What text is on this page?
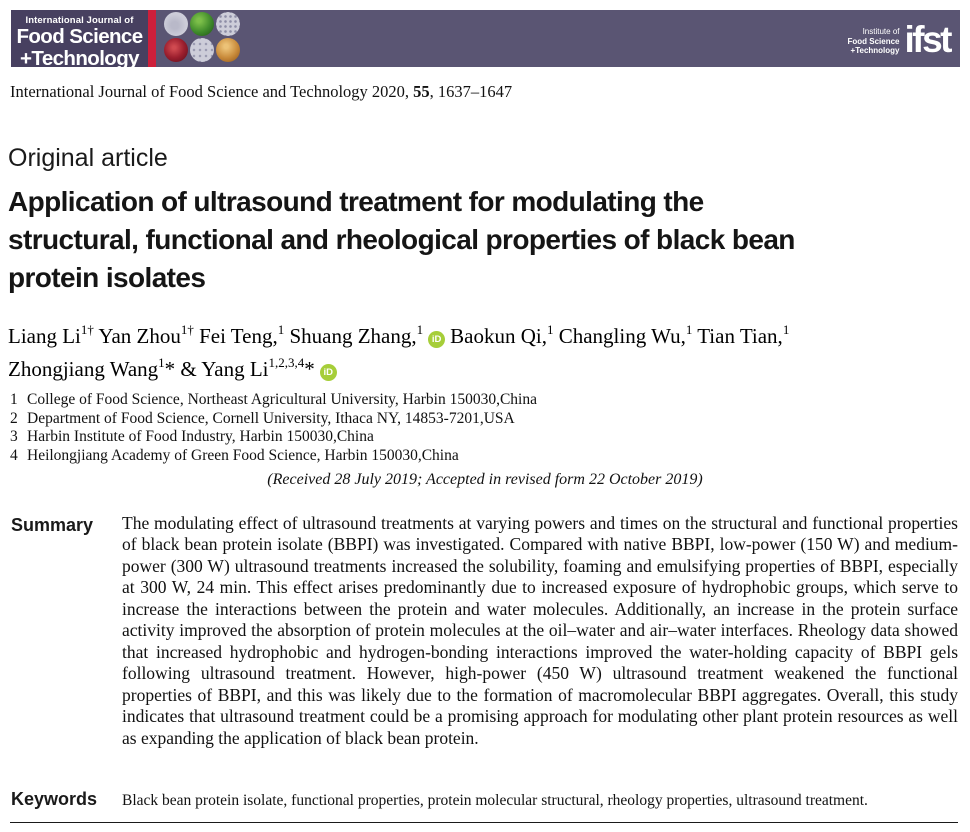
International Journal of
Food Science
+Technology
Institute of
Food Science
+Technology ifst
International Journal of Food Science and Technology 2020, 55, 1637–1647
Original article
Application of ultrasound treatment for modulating the
structural, functional and rheological properties of black bean
protein isolates
Liang $Li^{1\dagger}$ Yan Zhou$^{1\dagger}$ Fei Teng,$^1$ Shuang Zhang,$^1$iD Baokun Qi,$^1$ Changling Wu,$^1$ Tian Tian,$^1$
Zhongjiang Wang$^1$* & Yang Li$^{1,2,3,4}$* iD
1 College of Food Science, Northeast Agricultural University, Harbin 150030,China
2 Department of Food Science, Cornell University, Ithaca NY, 14853-7201,USA
3 Harbin Institute of Food Industry, Harbin 150030,China
4 Heilongjiang Academy of Green Food Science, Harbin 150030,China
(Received 28 July 2019; Accepted in revised form 22 October 2019)
Summary The modulating effect of ultrasound treatments at varying powers and times on the structural and functional properties of black bean protein isolate (BBPI) was investigated. Compared with native BBPI, low-power (150 W) and medium-power (300 W) ultrasound treatments increased the solubility, foaming and emulsifying properties of BBPI, especially at 300 W, 24 min. This effect arises predominantly due to increased exposure of hydrophobic groups, which serve to increase the interactions between the protein and water molecules. Additionally, an increase in the protein surface activity improved the absorption of protein molecules at the oil–water and air–water interfaces. Rheology data showed that increased hydrophobic and hydrogen-bonding interactions improved the water-holding capacity of BBPI gels following ultrasound treatment. However, high-power (450 W) ultrasound treatment weakened the functional properties of BBPI, and this was likely due to the formation of macromolecular BBPI aggregates. Overall, this study indicates that ultrasound treatment could be a promising approach for modulating other plant protein resources as well as expanding the application of black bean protein.
Keywords Black bean protein isolate, functional properties, protein molecular structural, rheology properties, ultrasound treatment.
